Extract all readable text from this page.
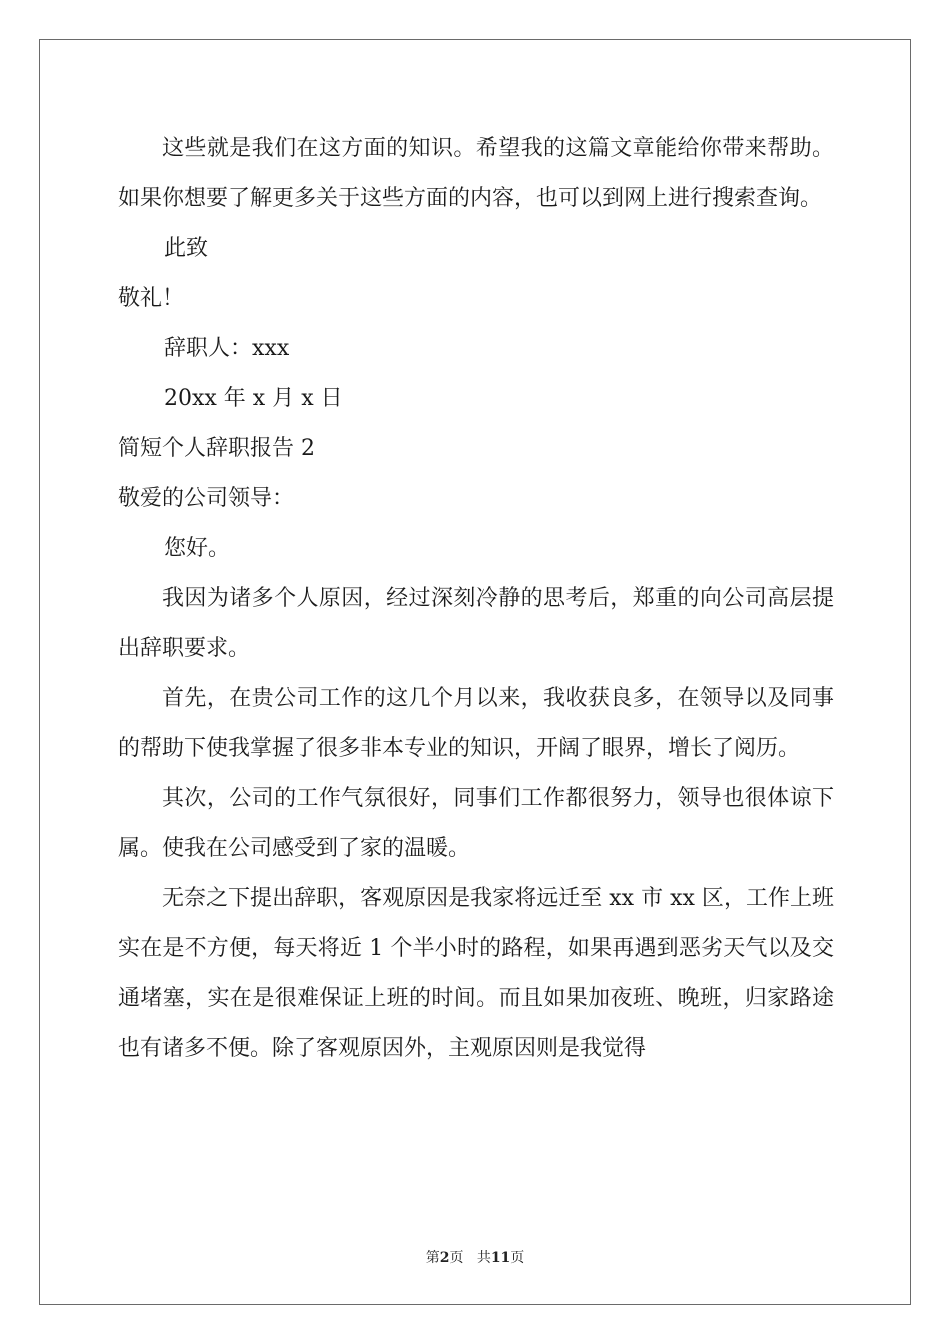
这些就是我们在这方面的知识。希望我的这篇文章能给你带来帮助。如果你想要了解更多关于这些方面的内容，也可以到网上进行搜索查询。

此致
敬礼！
辞职人：xxx
20xx 年 x 月 x 日
简短个人辞职报告 2
敬爱的公司领导：
您好。

我因为诸多个人原因，经过深刻冷静的思考后，郑重的向公司高层提出辞职要求。

首先，在贵公司工作的这几个月以来，我收获良多，在领导以及同事的帮助下使我掌握了很多非本专业的知识，开阔了眼界，增长了阅历。

其次，公司的工作气氛很好，同事们工作都很努力，领导也很体谅下属。使我在公司感受到了家的温暖。

无奈之下提出辞职，客观原因是我家将远迁至 xx 市 xx 区，工作上班实在是不方便，每天将近 1 个半小时的路程，如果再遇到恶劣天气以及交通堵塞，实在是很难保证上班的时间。而且如果加夜班、晚班，归家路途也有诸多不便。除了客观原因外，主观原因则是我觉得

第2页 共11页
